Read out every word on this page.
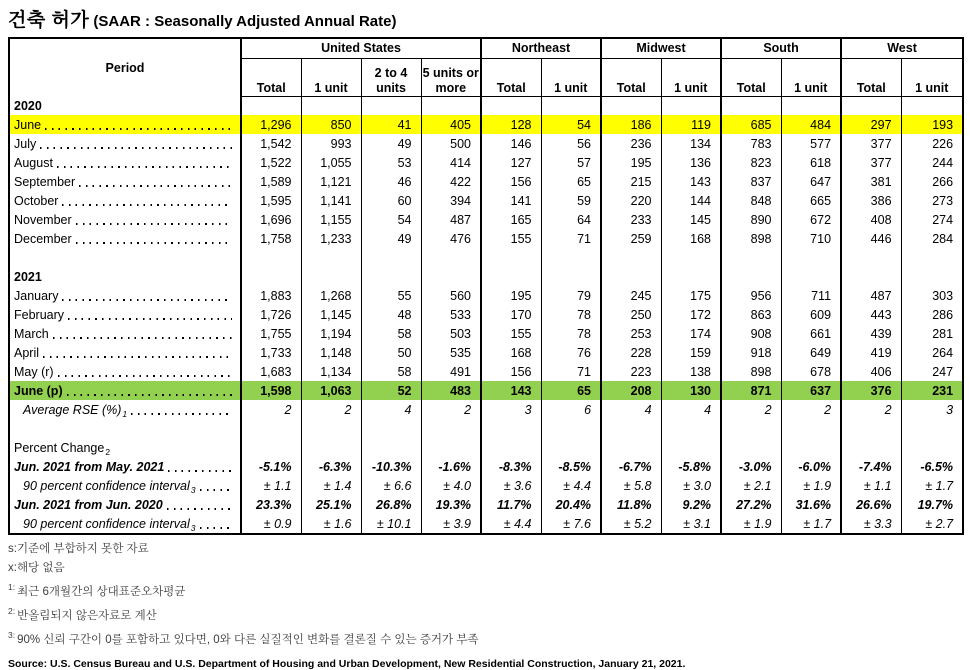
건축 허가 (SAAR : Seasonally Adjusted Annual Rate)
Period	United States				Northeast		Midwest		South		West	
	Total	1 unit	2 to 4 units	5 units or more	Total	1 unit	Total	1 unit	Total	1 unit	Total	1 unit

2020												

June	1,296	850	41	405	128	54	186	119	685	484	297	193

July	1,542	993	49	500	146	56	236	134	783	577	377	226

August	1,522	1,055	53	414	127	57	195	136	823	618	377	244

September	1,589	1,121	46	422	156	65	215	143	837	647	381	266

October	1,595	1,141	60	394	141	59	220	144	848	665	386	273

November	1,696	1,155	54	487	165	64	233	145	890	672	408	274

December	1,758	1,233	49	476	155	71	259	168	898	710	446	284

2021												

January	1,883	1,268	55	560	195	79	245	175	956	711	487	303

February	1,726	1,145	48	533	170	78	250	172	863	609	443	286

March	1,755	1,194	58	503	155	78	253	174	908	661	439	281

April	1,733	1,148	50	535	168	76	228	159	918	649	419	264

May (r)	1,683	1,134	58	491	156	71	223	138	898	678	406	247

June (p)	1,598	1,063	52	483	143	65	208	130	871	637	376	231

Average RSE $(\%)_1$	2	2	4	2	3	6	4	4	2	2	2	3

Percent Change$_2$

Jun. 2021 from May. 2021	-5.1%	-6.3%	-10.3%	-1.6%	-8.3%	-8.5%	-6.7%	-5.8%	-3.0%	-6.0%	-7.4%	-6.5%

90 percent confidence interval$_3$	± 1.1	± 1.4	± 6.6	± 4.0	± 3.6	± 4.4	± 5.8	± 3.0	± 2.1	± 1.9	± 1.1	± 1.7

Jun. 2021 from Jun. 2020	23.3%	25.1%	26.8%	19.3%	11.7%	20.4%	11.8%	9.2%	27.2%	31.6%	26.6%	19.7%

90 percent confidence interval$_3$	± 0.9	± 1.6	± 10.1	± 3.9	± 4.4	± 7.6	± 5.2	± 3.1	± 1.9	± 1.7	± 3.3	± 2.7
s:기준에 부합하지 못한 자료
x:해당 없음
$^{1:}$ 최근 6개월간의 상대표준오차평균
$^{2:}$ 반올림되지 않은자료로 계산
$^{3:}$ 90% 신뢰 구간이 0를 포함하고 있다면, 0와 다른 실질적인 변화를 결론질 수 있는 증거가 부족
Source: U.S. Census Bureau and U.S. Department of Housing and Urban Development, New Residential Construction, January 21, 2021.
